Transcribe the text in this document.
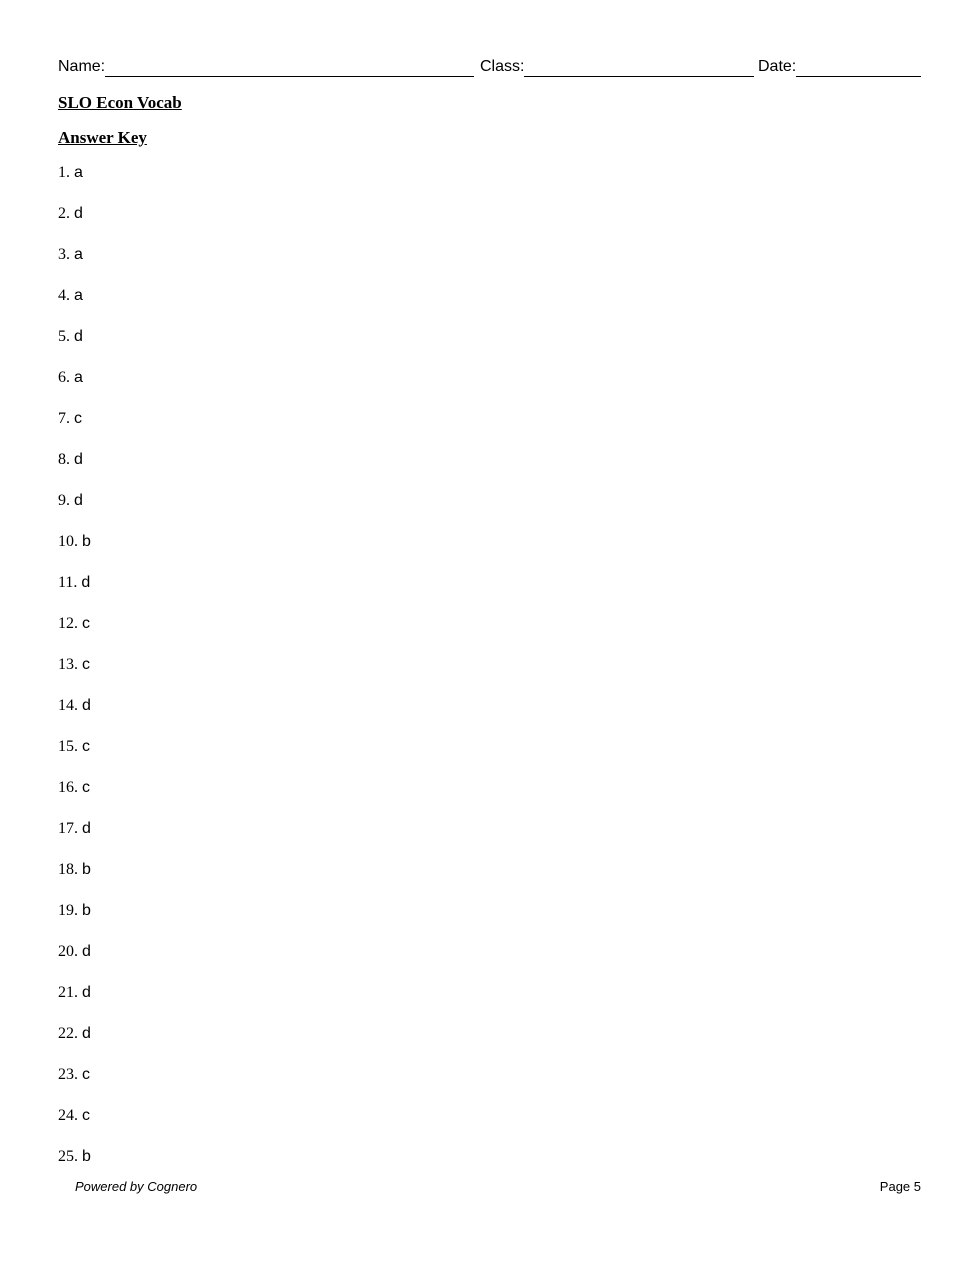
Name:	Class:	Date:
SLO Econ Vocab
Answer Key
1. a
2. d
3. a
4. a
5. d
6. a
7. c
8. d
9. d
10. b
11. d
12. c
13. c
14. d
15. c
16. c
17. d
18. b
19. b
20. d
21. d
22. d
23. c
24. c
25. b
Powered by Cognero	Page 5
